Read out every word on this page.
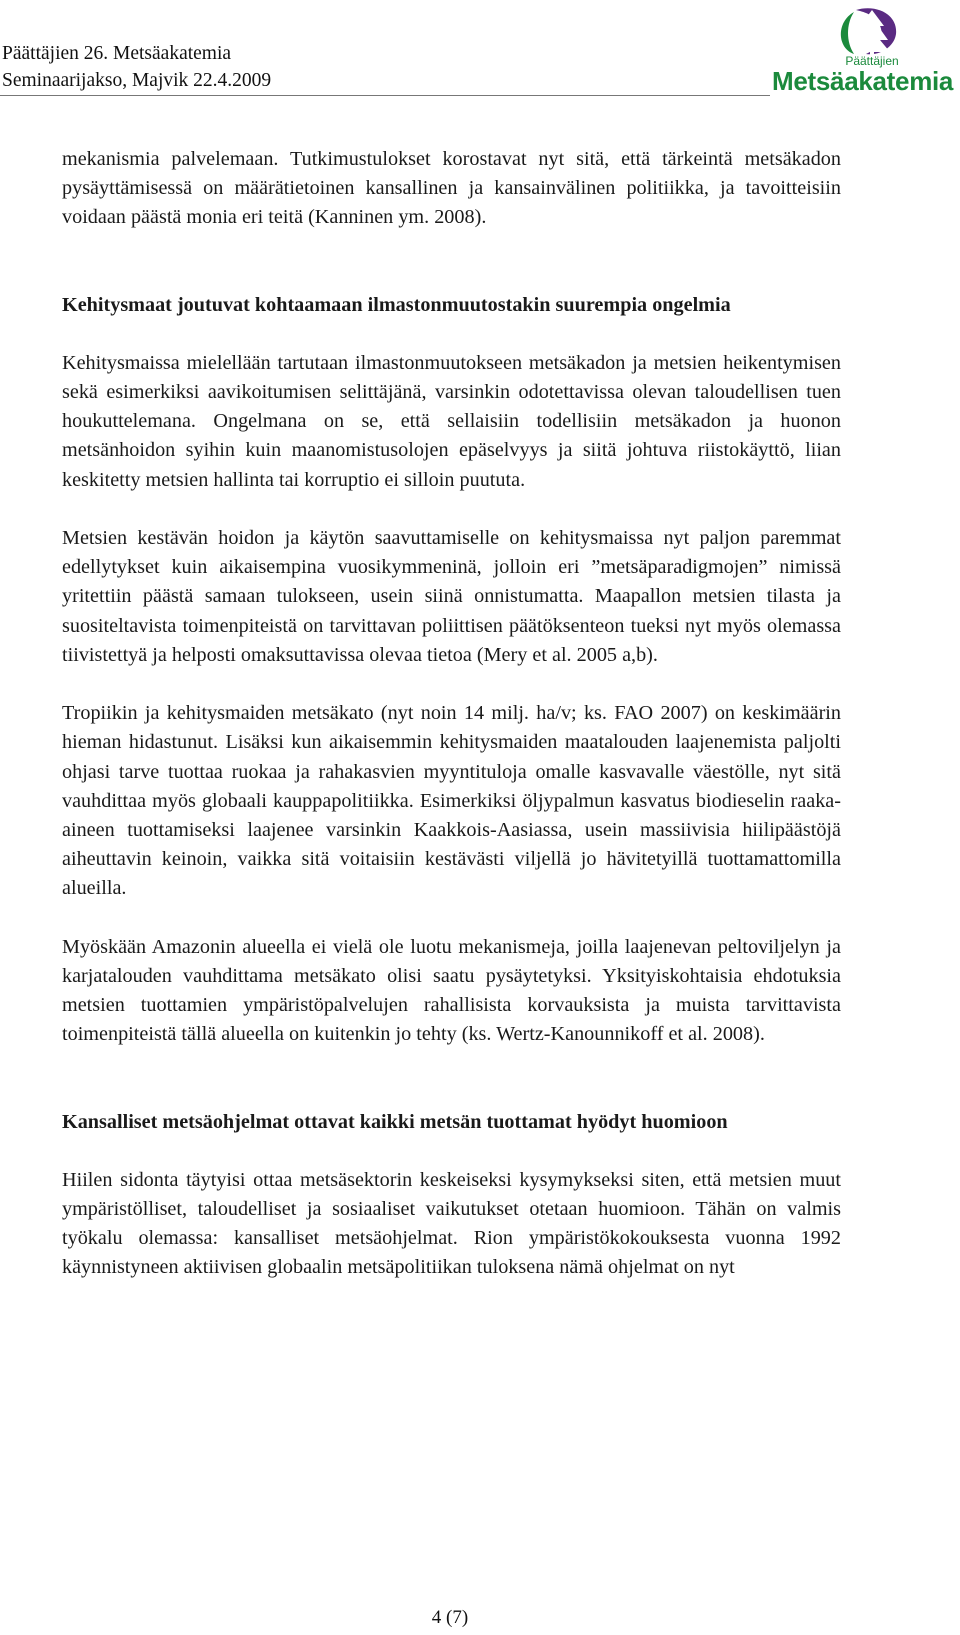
Päättäjien 26. Metsäakatemia
Seminaarijakso, Majvik 22.4.2009
Päättäjien
Metsäakatemia

mekanismia palvelemaan. Tutkimustulokset korostavat nyt sitä, että tärkeintä metsäkadon pysäyttämisessä on määrätietoinen kansallinen ja kansainvälinen politiikka, ja tavoitteisiin voidaan päästä monia eri teitä (Kanninen ym. 2008).

Kehitysmaat joutuvat kohtaamaan ilmastonmuutostakin suurempia ongelmia

Kehitysmaissa mielellään tartutaan ilmastonmuutokseen metsäkadon ja metsien heikentymisen sekä esimerkiksi aavikoitumisen selittäjänä, varsinkin odotettavissa olevan taloudellisen tuen houkuttelemana. Ongelmana on se, että sellaisiin todellisiin metsäkadon ja huonon metsänhoidon syihin kuin maanomistusolojen epäselvyys ja siitä johtuva riistokäyttö, liian keskitetty metsien hallinta tai korruptio ei silloin puututa.

Metsien kestävän hoidon ja käytön saavuttamiselle on kehitysmaissa nyt paljon paremmat edellytykset kuin aikaisempina vuosikymmeninä, jolloin eri ”metsäparadigmojen” nimissä yritettiin päästä samaan tulokseen, usein siinä onnistumatta. Maapallon metsien tilasta ja suositeltavista toimenpiteistä on tarvittavan poliittisen päätöksenteon tueksi nyt myös olemassa tiivistettyä ja helposti omaksuttavissa olevaa tietoa (Mery et al. 2005 a,b).

Tropiikin ja kehitysmaiden metsäkato (nyt noin 14 milj. ha/v; ks. FAO 2007) on keskimäärin hieman hidastunut. Lisäksi kun aikaisemmin kehitysmaiden maatalouden laajenemista paljolti ohjasi tarve tuottaa ruokaa ja rahakasvien myyntituloja omalle kasvavalle väestölle, nyt sitä vauhdittaa myös globaali kauppapolitiikka. Esimerkiksi öljypalmun kasvatus biodieselin raaka-aineen tuottamiseksi laajenee varsinkin Kaakkois-Aasiassa, usein massiivisia hiilipäästöjä aiheuttavin keinoin, vaikka sitä voitaisiin kestävästi viljellä jo hävitetyillä tuottamattomilla alueilla.

Myöskään Amazonin alueella ei vielä ole luotu mekanismeja, joilla laajenevan peltoviljelyn ja karjatalouden vauhdittama metsäkato olisi saatu pysäytetyksi. Yksityiskohtaisia ehdotuksia metsien tuottamien ympäristöpalvelujen rahallisista korvauksista ja muista tarvittavista toimenpiteistä tällä alueella on kuitenkin jo tehty (ks. Wertz-Kanounnikoff et al. 2008).

Kansalliset metsäohjelmat ottavat kaikki metsän tuottamat hyödyt huomioon

Hiilen sidonta täytyisi ottaa metsäsektorin keskeiseksi kysymykseksi siten, että metsien muut ympäristölliset, taloudelliset ja sosiaaliset vaikutukset otetaan huomioon. Tähän on valmis työkalu olemassa: kansalliset metsäohjelmat. Rion ympäristökokouksesta vuonna 1992 käynnistyneen aktiivisen globaalin metsäpolitiikan tuloksena nämä ohjelmat on nyt

4 (7)
